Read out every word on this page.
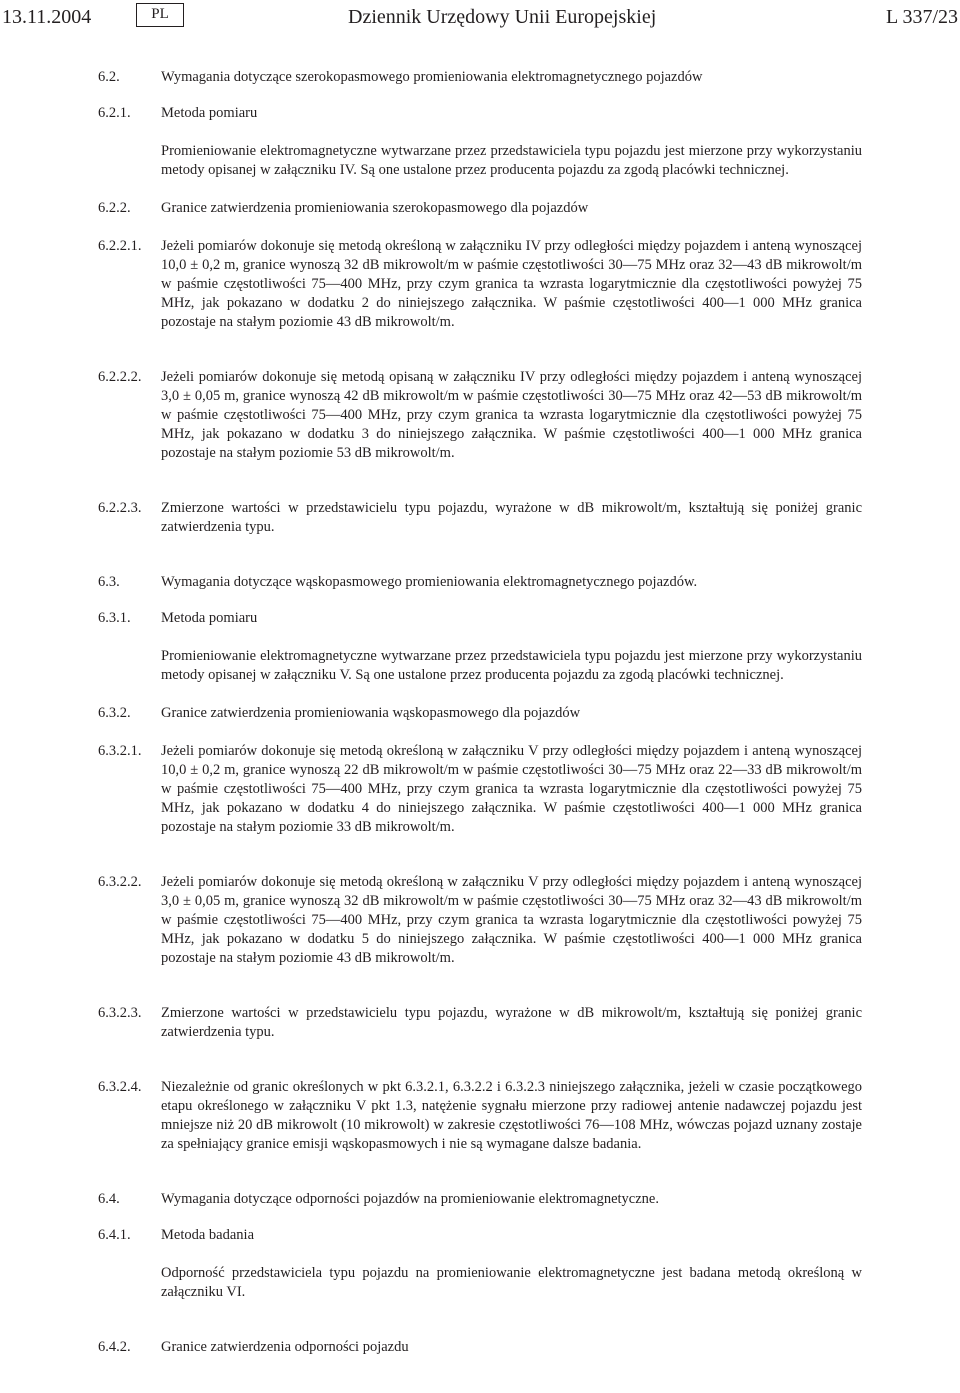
13.11.2004	PL	Dziennik Urzędowy Unii Europejskiej	L 337/23
6.2.	Wymagania dotyczące szerokopasmowego promieniowania elektromagnetycznego pojazdów
6.2.1. Metoda pomiaru
Promieniowanie elektromagnetyczne wytwarzane przez przedstawiciela typu pojazdu jest mierzone przy wykorzystaniu metody opisanej w załączniku IV. Są one ustalone przez producenta pojazdu za zgodą placówki technicznej.
6.2.2. Granice zatwierdzenia promieniowania szerokopasmowego dla pojazdów
6.2.2.1. Jeżeli pomiarów dokonuje się metodą określoną w załączniku IV przy odległości między pojazdem i anteną wynoszącej 10,0 ± 0,2 m, granice wynoszą 32 dB mikrowolt/m w paśmie częstotliwości 30—75 MHz oraz 32—43 dB mikrowolt/m w paśmie częstotliwości 75—400 MHz, przy czym granica ta wzrasta logarytmicznie dla częstotliwości powyżej 75 MHz, jak pokazano w dodatku 2 do niniejszego załącznika. W paśmie częstotliwości 400—1 000 MHz granica pozostaje na stałym poziomie 43 dB mikrowolt/m.
6.2.2.2. Jeżeli pomiarów dokonuje się metodą opisaną w załączniku IV przy odległości między pojazdem i anteną wynoszącej 3,0 ± 0,05 m, granice wynoszą 42 dB mikrowolt/m w paśmie częstotliwości 30—75 MHz oraz 42—53 dB mikrowolt/m w paśmie częstotliwości 75—400 MHz, przy czym granica ta wzrasta logarytmicznie dla częstotliwości powyżej 75 MHz, jak pokazano w dodatku 3 do niniejszego załącznika. W paśmie częstotliwości 400—1 000 MHz granica pozostaje na stałym poziomie 53 dB mikrowolt/m.
6.2.2.3. Zmierzone wartości w przedstawicielu typu pojazdu, wyrażone w dB mikrowolt/m, kształtują się poniżej granic zatwierdzenia typu.
6.3.	Wymagania dotyczące wąskopasmowego promieniowania elektromagnetycznego pojazdów.
6.3.1. Metoda pomiaru
Promieniowanie elektromagnetyczne wytwarzane przez przedstawiciela typu pojazdu jest mierzone przy wykorzystaniu metody opisanej w załączniku V. Są one ustalone przez producenta pojazdu za zgodą placówki technicznej.
6.3.2. Granice zatwierdzenia promieniowania wąskopasmowego dla pojazdów
6.3.2.1. Jeżeli pomiarów dokonuje się metodą określoną w załączniku V przy odległości między pojazdem i anteną wynoszącej 10,0 ± 0,2 m, granice wynoszą 22 dB mikrowolt/m w paśmie częstotliwości 30—75 MHz oraz 22—33 dB mikrowolt/m w paśmie częstotliwości 75—400 MHz, przy czym granica ta wzrasta logarytmicznie dla częstotliwości powyżej 75 MHz, jak pokazano w dodatku 4 do niniejszego załącznika. W paśmie częstotliwości 400—1 000 MHz granica pozostaje na stałym poziomie 33 dB mikrowolt/m.
6.3.2.2. Jeżeli pomiarów dokonuje się metodą określoną w załączniku V przy odległości między pojazdem i anteną wynoszącej 3,0 ± 0,05 m, granice wynoszą 32 dB mikrowolt/m w paśmie częstotliwości 30—75 MHz oraz 32—43 dB mikrowolt/m w paśmie częstotliwości 75—400 MHz, przy czym granica ta wzrasta logarytmicznie dla częstotliwości powyżej 75 MHz, jak pokazano w dodatku 5 do niniejszego załącznika. W paśmie częstotliwości 400—1 000 MHz granica pozostaje na stałym poziomie 43 dB mikrowolt/m.
6.3.2.3. Zmierzone wartości w przedstawicielu typu pojazdu, wyrażone w dB mikrowolt/m, kształtują się poniżej granic zatwierdzenia typu.
6.3.2.4. Niezależnie od granic określonych w pkt 6.3.2.1, 6.3.2.2 i 6.3.2.3 niniejszego załącznika, jeżeli w czasie początkowego etapu określonego w załączniku V pkt 1.3, natężenie sygnału mierzone przy radiowej antenie nadawczej pojazdu jest mniejsze niż 20 dB mikrowolt (10 mikrowolt) w zakresie częstotliwości 76—108 MHz, wówczas pojazd uznany zostaje za spełniający granice emisji wąskopasmowych i nie są wymagane dalsze badania.
6.4.	Wymagania dotyczące odporności pojazdów na promieniowanie elektromagnetyczne.
6.4.1. Metoda badania
Odporność przedstawiciela typu pojazdu na promieniowanie elektromagnetyczne jest badana metodą określoną w załączniku VI.
6.4.2. Granice zatwierdzenia odporności pojazdu
